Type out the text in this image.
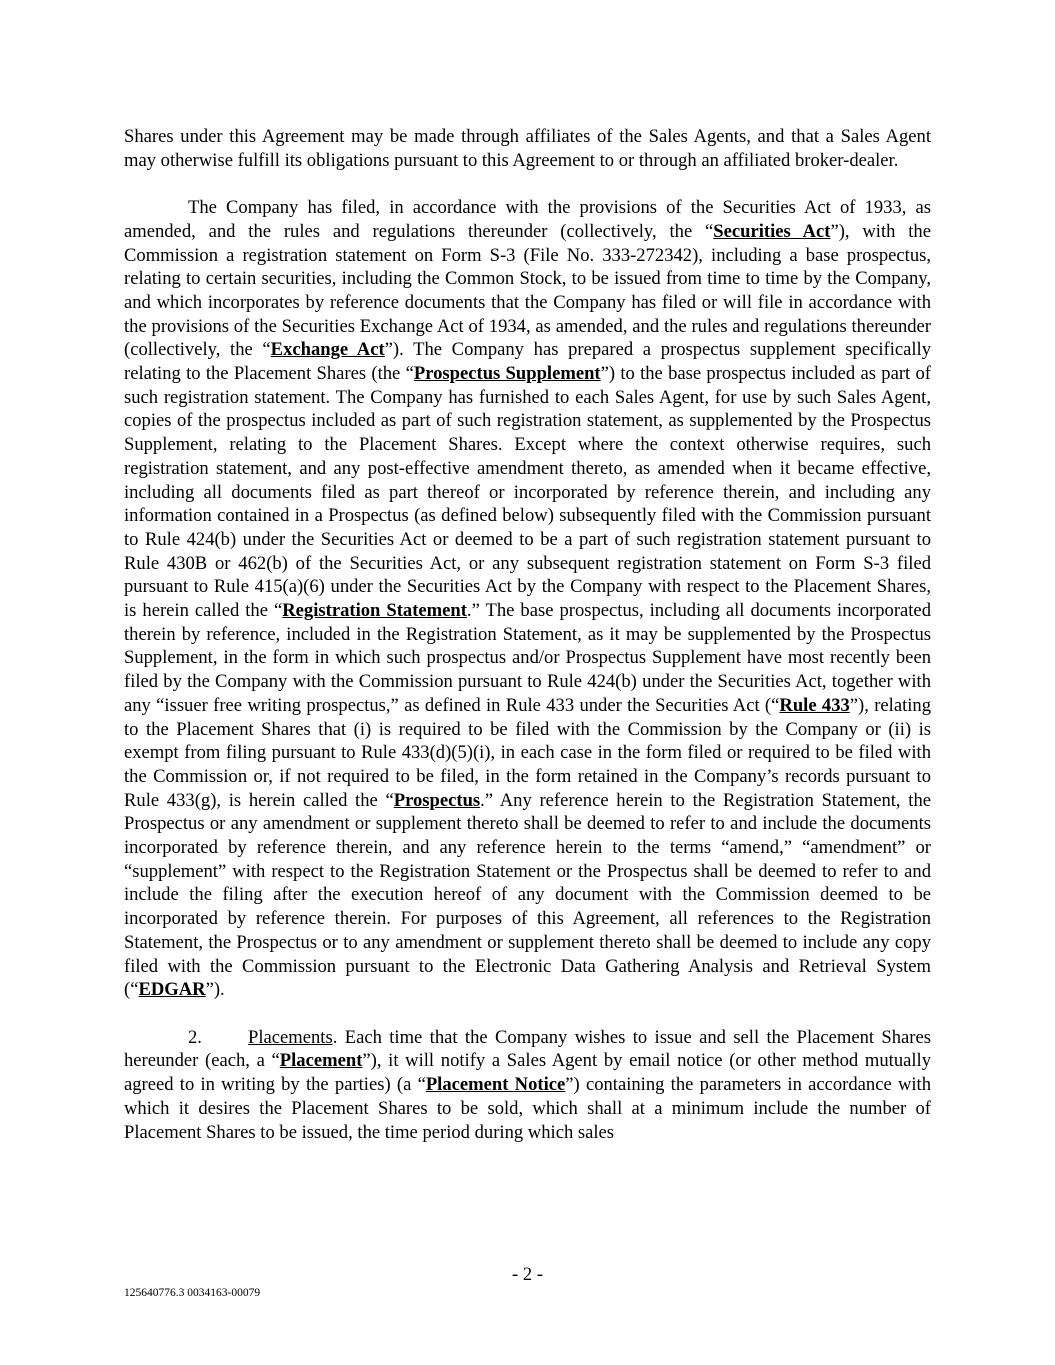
Shares under this Agreement may be made through affiliates of the Sales Agents, and that a Sales Agent may otherwise fulfill its obligations pursuant to this Agreement to or through an affiliated broker-dealer.

The Company has filed, in accordance with the provisions of the Securities Act of 1933, as amended, and the rules and regulations thereunder (collectively, the “Securities Act”), with the Commission a registration statement on Form S-3 (File No. 333-272342), including a base prospectus, relating to certain securities, including the Common Stock, to be issued from time to time by the Company, and which incorporates by reference documents that the Company has filed or will file in accordance with the provisions of the Securities Exchange Act of 1934, as amended, and the rules and regulations thereunder (collectively, the “Exchange Act”). The Company has prepared a prospectus supplement specifically relating to the Placement Shares (the “Prospectus Supplement”) to the base prospectus included as part of such registration statement. The Company has furnished to each Sales Agent, for use by such Sales Agent, copies of the prospectus included as part of such registration statement, as supplemented by the Prospectus Supplement, relating to the Placement Shares. Except where the context otherwise requires, such registration statement, and any post-effective amendment thereto, as amended when it became effective, including all documents filed as part thereof or incorporated by reference therein, and including any information contained in a Prospectus (as defined below) subsequently filed with the Commission pursuant to Rule 424(b) under the Securities Act or deemed to be a part of such registration statement pursuant to Rule 430B or 462(b) of the Securities Act, or any subsequent registration statement on Form S-3 filed pursuant to Rule 415(a)(6) under the Securities Act by the Company with respect to the Placement Shares, is herein called the “Registration Statement.” The base prospectus, including all documents incorporated therein by reference, included in the Registration Statement, as it may be supplemented by the Prospectus Supplement, in the form in which such prospectus and/or Prospectus Supplement have most recently been filed by the Company with the Commission pursuant to Rule 424(b) under the Securities Act, together with any “issuer free writing prospectus,” as defined in Rule 433 under the Securities Act (“Rule 433”), relating to the Placement Shares that (i) is required to be filed with the Commission by the Company or (ii) is exempt from filing pursuant to Rule 433(d)(5)(i), in each case in the form filed or required to be filed with the Commission or, if not required to be filed, in the form retained in the Company’s records pursuant to Rule 433(g), is herein called the “Prospectus.” Any reference herein to the Registration Statement, the Prospectus or any amendment or supplement thereto shall be deemed to refer to and include the documents incorporated by reference therein, and any reference herein to the terms “amend,” “amendment” or “supplement” with respect to the Registration Statement or the Prospectus shall be deemed to refer to and include the filing after the execution hereof of any document with the Commission deemed to be incorporated by reference therein. For purposes of this Agreement, all references to the Registration Statement, the Prospectus or to any amendment or supplement thereto shall be deemed to include any copy filed with the Commission pursuant to the Electronic Data Gathering Analysis and Retrieval System (“EDGAR”).

2. Placements. Each time that the Company wishes to issue and sell the Placement Shares hereunder (each, a “Placement”), it will notify a Sales Agent by email notice (or other method mutually agreed to in writing by the parties) (a “Placement Notice”) containing the parameters in accordance with which it desires the Placement Shares to be sold, which shall at a minimum include the number of Placement Shares to be issued, the time period during which sales

- 2 -
125640776.3 0034163-00079
